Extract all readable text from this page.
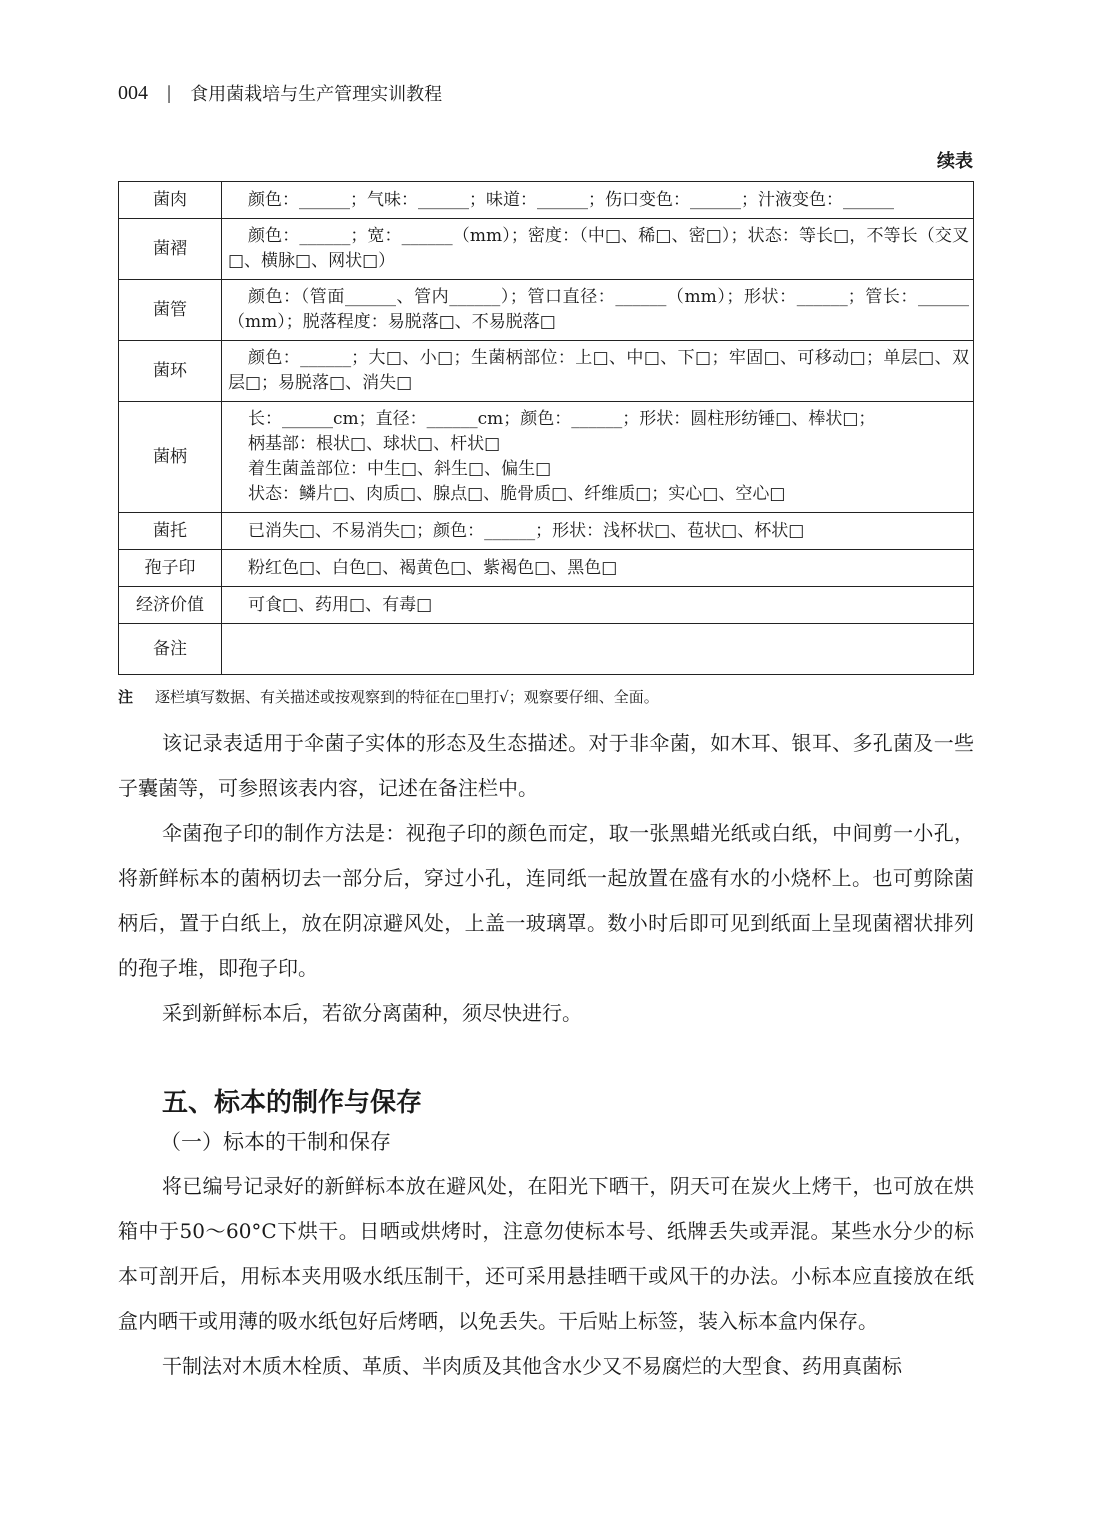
004 | 食用菌栽培与生产管理实训教程
续表
菌肉	颜色：______；气味：______；味道：______；伤口变色：______；汁液变色：______
菌褶	颜色：______；宽：______（mm）；密度：（中□、稀□、密□）；状态：等长□，不等长（交叉□、横脉□、网状□）
菌管	颜色：（管面______、管内______）；管口直径：______（mm）；形状：______；管长：______（mm）；脱落程度：易脱落□、不易脱落□
菌环	颜色：______；大□、小□；生菌柄部位：上□、中□、下□；牢固□、可移动□；单层□、双层□；易脱落□、消失□
菌柄	长：______cm；直径：______cm；颜色：______；形状：圆柱形纺锤□、棒状□；
柄基部：根状□、球状□、杆状□
着生菌盖部位：中生□、斜生□、偏生□
状态：鳞片□、肉质□、腺点□、脆骨质□、纤维质□；实心□、空心□

菌托	已消失□、不易消失□；颜色：______；形状：浅杯状□、苞状□、杯状□
孢子印	粉红色□、白色□、褐黄色□、紫褐色□、黑色□
经济价值	可食□、药用□、有毒□
备注	
注 逐栏填写数据、有关描述或按观察到的特征在□里打√；观察要仔细、全面。

该记录表适用于伞菌子实体的形态及生态描述。对于非伞菌，如木耳、银耳、多孔菌及一些子囊菌等，可参照该表内容，记述在备注栏中。

伞菌孢子印的制作方法是：视孢子印的颜色而定，取一张黑蜡光纸或白纸，中间剪一小孔，将新鲜标本的菌柄切去一部分后，穿过小孔，连同纸一起放置在盛有水的小烧杯上。也可剪除菌柄后，置于白纸上，放在阴凉避风处，上盖一玻璃罩。数小时后即可见到纸面上呈现菌褶状排列的孢子堆，即孢子印。

采到新鲜标本后，若欲分离菌种，须尽快进行。

五、标本的制作与保存
（一）标本的干制和保存

将已编号记录好的新鲜标本放在避风处，在阳光下晒干，阴天可在炭火上烤干，也可放在烘箱中于50～60°C下烘干。日晒或烘烤时，注意勿使标本号、纸牌丢失或弄混。某些水分少的标本可剖开后，用标本夹用吸水纸压制干，还可采用悬挂晒干或风干的办法。小标本应直接放在纸盒内晒干或用薄的吸水纸包好后烤晒，以免丢失。干后贴上标签，装入标本盒内保存。

干制法对木质木栓质、革质、半肉质及其他含水少又不易腐烂的大型食、药用真菌标
